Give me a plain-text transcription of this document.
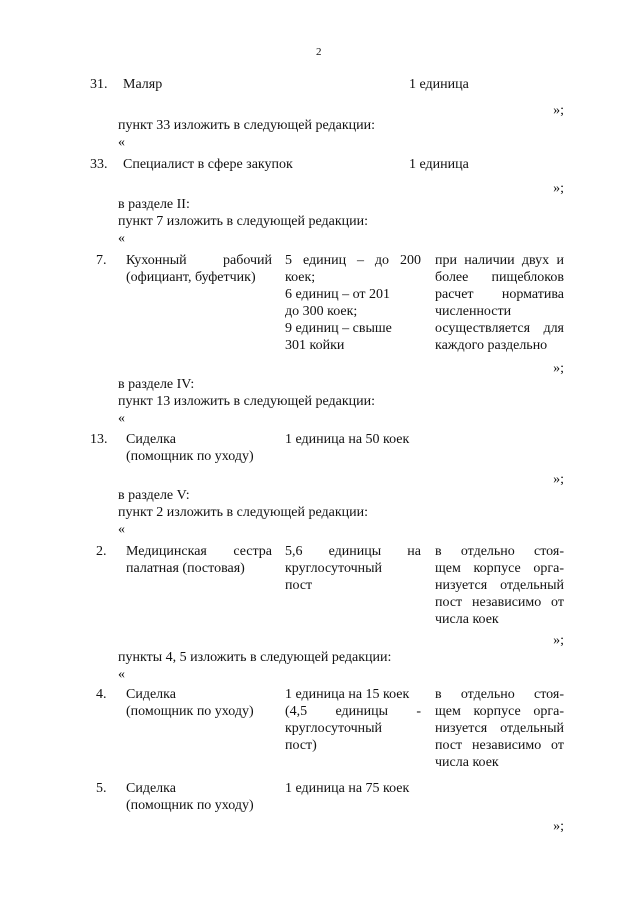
2
31. Маляр	1 единица
»;
пункт 33 изложить в следующей редакции:
«
33. Специалист в сфере закупок	1 единица
»;
в разделе II:
пункт 7 изложить в следующей редакции:
«
7. Кухонный рабочий
(официант, буфетчик)
5 единиц – до 200
коек;
6 единиц – от 201
до 300 коек;
9 единиц – свыше
301 койки
при наличии двух и
более пищеблоков
расчет норматива
численности
осуществляется для
каждого раздельно
»;
в разделе IV:
пункт 13 изложить в следующей редакции:
«
13. Сиделка
(помощник по уходу)
1 единица на 50 коек
»;
в разделе V:
пункт 2 изложить в следующей редакции:
«
2. Медицинская сестра
палатная (постовая)
5,6 единицы на
круглосуточный
пост
в отдельно стоя-
щем корпусе орга-
низуется отдельный
пост независимо от
числа коек
»;
пункты 4, 5 изложить в следующей редакции:
«
4. Сиделка
(помощник по уходу)
1 единица на 15 коек
(4,5 единицы -
круглосуточный
пост)
в отдельно стоя-
щем корпусе орга-
низуется отдельный
пост независимо от
числа коек
5. Сиделка
(помощник по уходу)
1 единица на 75 коек
»;
